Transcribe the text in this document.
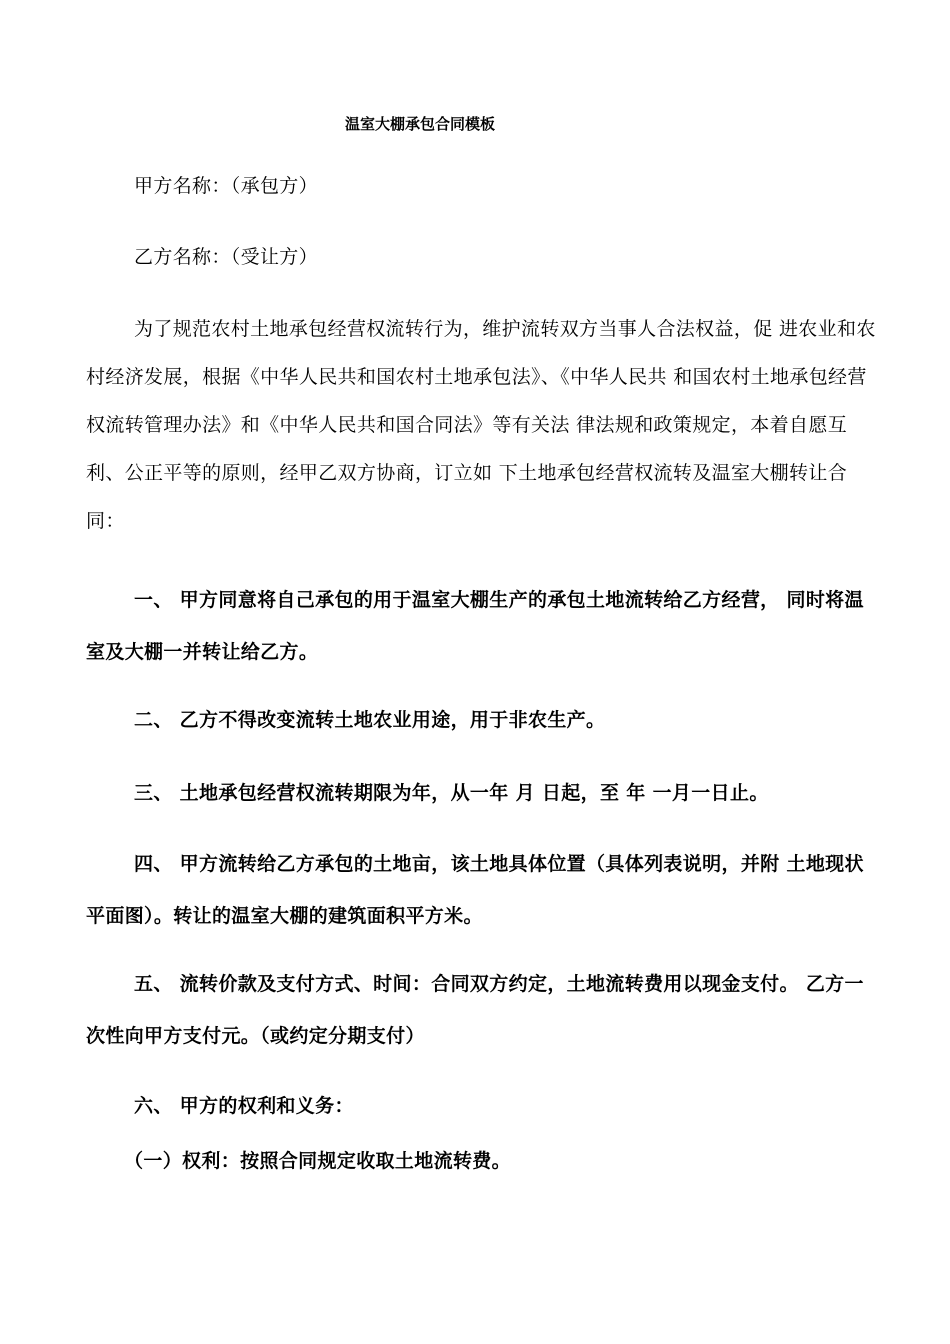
温室大棚承包合同模板

甲方名称：（承包方）

乙方名称：（受让方）

为了规范农村土地承包经营权流转行为，维护流转双方当事人合法权益，促 进农业和农村经济发展，根据《中华人民共和国农村土地承包法》、《中华人民共 和国农村土地承包经营权流转管理办法》和《中华人民共和国合同法》等有关法 律法规和政策规定，本着自愿互利、公正平等的原则，经甲乙双方协商，订立如 下土地承包经营权流转及温室大棚转让合同：

一、 甲方同意将自己承包的用于温室大棚生产的承包土地流转给乙方经营， 同时将温室及大棚一并转让给乙方。

二、 乙方不得改变流转土地农业用途，用于非农生产。

三、 土地承包经营权流转期限为年，从一年 月 日起，至 年 一月一日止。

四、 甲方流转给乙方承包的土地亩，该土地具体位置（具体列表说明，并附 土地现状平面图）。转让的温室大棚的建筑面积平方米。

五、 流转价款及支付方式、时间：合同双方约定，土地流转费用以现金支付。 乙方一次性向甲方支付元。（或约定分期支付）

六、 甲方的权利和义务：

（一）权利：按照合同规定收取土地流转费。
